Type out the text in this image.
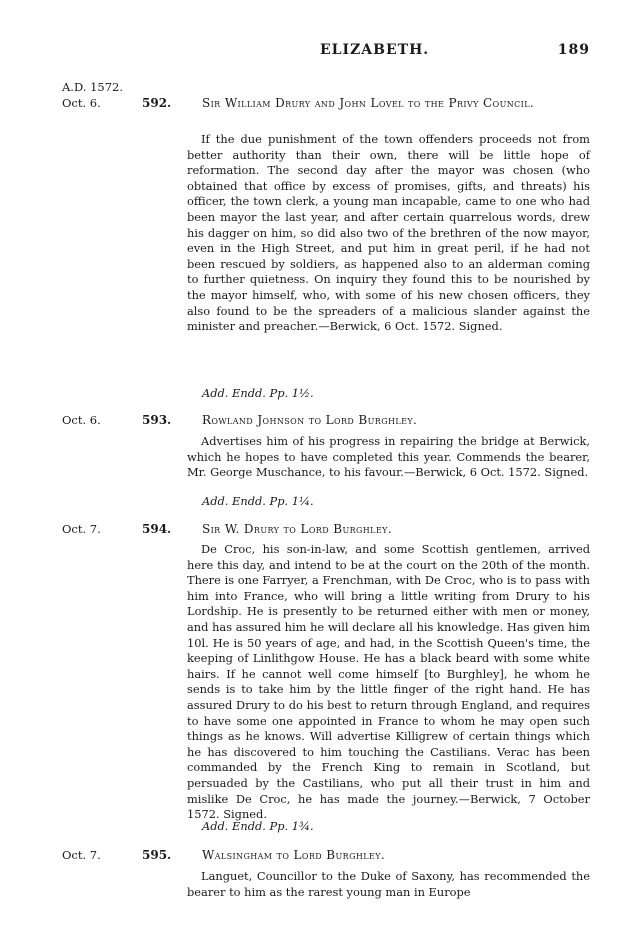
ELIZABETH.	189
A.D. 1572.
Oct. 6.	592.	Sir William Drury and John Lovel to the Privy Council.
If the due punishment of the town offenders proceeds not from better authority than their own, there will be little hope of reformation. The second day after the mayor was chosen (who obtained that office by excess of promises, gifts, and threats) his officer, the town clerk, a young man incapable, came to one who had been mayor the last year, and after certain quarrelous words, drew his dagger on him, so did also two of the brethren of the now mayor, even in the High Street, and put him in great peril, if he had not been rescued by soldiers, as happened also to an alderman coming to further quietness. On inquiry they found this to be nourished by the mayor himself, who, with some of his new chosen officers, they also found to be the spreaders of a malicious slander against the minister and preacher.—Berwick, 6 Oct. 1572. Signed.
Add. Endd. Pp. 1½.
Oct. 6.	593.	Rowland Johnson to Lord Burghley.
Advertises him of his progress in repairing the bridge at Berwick, which he hopes to have completed this year. Commends the bearer, Mr. George Muschance, to his favour.—Berwick, 6 Oct. 1572. Signed.
Add. Endd. Pp. 1¼.
Oct. 7.	594.	Sir W. Drury to Lord Burghley.
De Croc, his son-in-law, and some Scottish gentlemen, arrived here this day, and intend to be at the court on the 20th of the month. There is one Farryer, a Frenchman, with De Croc, who is to pass with him into France, who will bring a little writing from Drury to his Lordship. He is presently to be returned either with men or money, and has assured him he will declare all his knowledge. Has given him 10l. He is 50 years of age, and had, in the Scottish Queen's time, the keeping of Linlithgow House. He has a black beard with some white hairs. If he cannot well come himself [to Burghley], he whom he sends is to take him by the little finger of the right hand. He has assured Drury to do his best to return through England, and requires to have some one appointed in France to whom he may open such things as he knows. Will advertise Killigrew of certain things which he has discovered to him touching the Castilians. Verac has been commanded by the French King to remain in Scotland, but persuaded by the Castilians, who put all their trust in him and mislike De Croc, he has made the journey.—Berwick, 7 October 1572. Signed.
Add. Endd. Pp. 1¾.
Oct. 7.	595.	Walsingham to Lord Burghley.
Languet, Councillor to the Duke of Saxony, has recommended the bearer to him as the rarest young man in Europe
